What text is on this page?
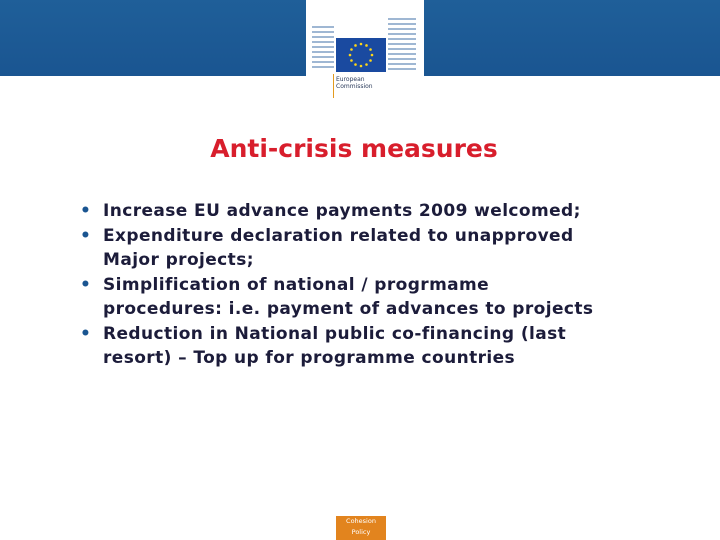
European
Commission
Anti-crisis measures
• Increase EU advance payments 2009 welcomed;
• Expenditure declaration related to unapproved
Major projects;
• Simplification of national / progrmame
procedures: i.e. payment of advances to projects
• Reduction in National public co-financing (last
resort) – Top up for programme countries
Cohesion
Policy
